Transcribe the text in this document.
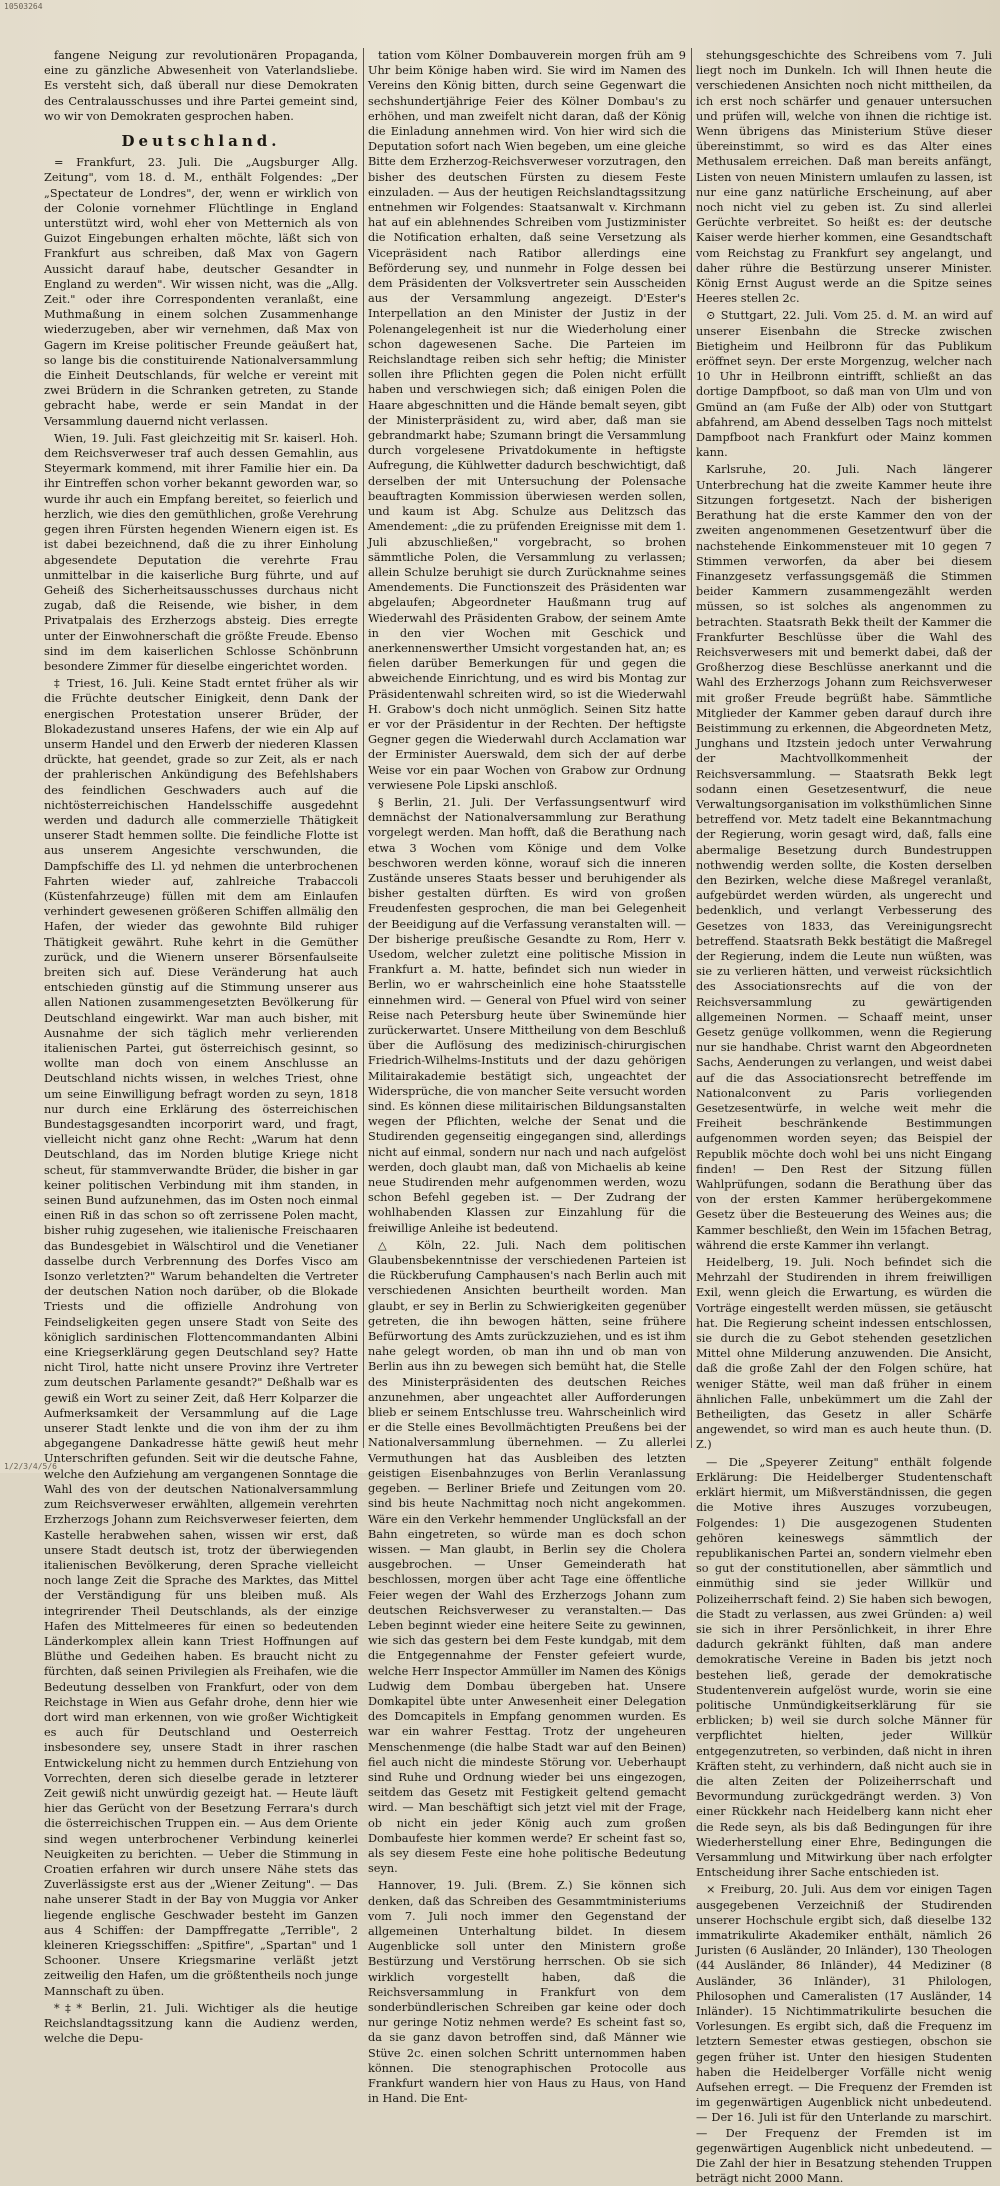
10503264

fangene Neigung zur revolutionären Propaganda, eine zu gänzliche Abwesenheit von Vaterlandsliebe. Es versteht sich, daß überall nur diese Demokraten des Centralausschusses und ihre Partei gemeint sind, wo wir von Demokraten gesprochen haben.

Deutschland.

= Frankfurt, 23. Juli. Die „Augsburger Allg. Zeitung", vom 18. d. M., enthält Folgendes: „Der „Spectateur de Londres", der, wenn er wirklich von der Colonie vornehmer Flüchtlinge in England unterstützt wird, wohl eher von Metternich als von Guizot Eingebungen erhalten möchte, läßt sich von Frankfurt aus schreiben, daß Max von Gagern Aussicht darauf habe, deutscher Gesandter in England zu werden". Wir wissen nicht, was die „Allg. Zeit." oder ihre Correspondenten veranlaßt, eine Muthmaßung in einem solchen Zusammenhange wiederzugeben, aber wir vernehmen, daß Max von Gagern im Kreise politischer Freunde geäußert hat, so lange bis die constituirende Nationalversammlung die Einheit Deutschlands, für welche er vereint mit zwei Brüdern in die Schranken getreten, zu Stande gebracht habe, werde er sein Mandat in der Versammlung dauernd nicht verlassen.

Wien, 19. Juli. Fast gleichzeitig mit Sr. kaiserl. Hoh. dem Reichsverweser traf auch dessen Gemahlin, aus Steyermark kommend, mit ihrer Familie hier ein. Da ihr Eintreffen schon vorher bekannt geworden war, so wurde ihr auch ein Empfang bereitet, so feierlich und herzlich, wie dies den gemüthlichen, große Verehrung gegen ihren Fürsten hegenden Wienern eigen ist. Es ist dabei bezeichnend, daß die zu ihrer Einholung abgesendete Deputation die verehrte Frau unmittelbar in die kaiserliche Burg führte, und auf Geheiß des Sicherheitsausschusses durchaus nicht zugab, daß die Reisende, wie bisher, in dem Privatpalais des Erzherzogs absteig. Dies erregte unter der Einwohnerschaft die größte Freude. Ebenso sind im dem kaiserlichen Schlosse Schönbrunn besondere Zimmer für dieselbe eingerichtet worden.

‡ Triest, 16. Juli. Keine Stadt erntet früher als wir die Früchte deutscher Einigkeit, denn Dank der energischen Protestation unserer Brüder, der Blokadezustand unseres Hafens, der wie ein Alp auf unserm Handel und den Erwerb der niederen Klassen drückte, hat geendet, grade so zur Zeit, als er nach der prahlerischen Ankündigung des Befehlshabers des feindlichen Geschwaders auch auf die nichtösterreichischen Handelsschiffe ausgedehnt werden und dadurch alle commerzielle Thätigkeit unserer Stadt hemmen sollte. Die feindliche Flotte ist aus unserem Angesichte verschwunden, die Dampfschiffe des Ll. yd nehmen die unterbrochenen Fahrten wieder auf, zahlreiche Trabaccoli (Küstenfahrzeuge) füllen mit dem am Einlaufen verhindert gewesenen größeren Schiffen allmälig den Hafen, der wieder das gewohnte Bild ruhiger Thätigkeit gewährt. Ruhe kehrt in die Gemüther zurück, und die Wienern unserer Börsenfaulseite breiten sich auf. Diese Veränderung hat auch entschieden günstig auf die Stimmung unserer aus allen Nationen zusammengesetzten Bevölkerung für Deutschland eingewirkt. War man auch bisher, mit Ausnahme der sich täglich mehr verlierenden italienischen Partei, gut österreichisch gesinnt, so wollte man doch von einem Anschlusse an Deutschland nichts wissen, in welches Triest, ohne um seine Einwilligung befragt worden zu seyn, 1818 nur durch eine Erklärung des österreichischen Bundestagsgesandten incorporirt ward, und fragt, vielleicht nicht ganz ohne Recht: „Warum hat denn Deutschland, das im Norden blutige Kriege nicht scheut, für stammverwandte Brüder, die bisher in gar keiner politischen Verbindung mit ihm standen, in seinen Bund aufzunehmen, das im Osten noch einmal einen Riß in das schon so oft zerrissene Polen macht, bisher ruhig zugesehen, wie italienische Freischaaren das Bundesgebiet in Wälschtirol und die Venetianer dasselbe durch Verbrennung des Dorfes Visco am Isonzo verletzten?" Warum behandelten die Vertreter der deutschen Nation noch darüber, ob die Blokade Triests und die offizielle Androhung von Feindseligkeiten gegen unsere Stadt von Seite des königlich sardinischen Flottencommandanten Albini eine Kriegserklärung gegen Deutschland sey? Hatte nicht Tirol, hatte nicht unsere Provinz ihre Vertreter zum deutschen Parlamente gesandt?" Deßhalb war es gewiß ein Wort zu seiner Zeit, daß Herr Kolparzer die Aufmerksamkeit der Versammlung auf die Lage unserer Stadt lenkte und die von ihm der zu ihm abgegangene Dankadresse hätte gewiß heut mehr Unterschriften gefunden. Seit wir die deutsche Fahne, welche den Aufziehung am vergangenen Sonntage die Wahl des von der deutschen Nationalversammlung zum Reichsverweser erwählten, allgemein verehrten Erzherzogs Johann zum Reichsverweser feierten, dem Kastelle herabwehen sahen, wissen wir erst, daß unsere Stadt deutsch ist, trotz der überwiegenden italienischen Bevölkerung, deren Sprache vielleicht noch lange Zeit die Sprache des Marktes, das Mittel der Verständigung für uns bleiben muß. Als integrirender Theil Deutschlands, als der einzige Hafen des Mittelmeeres für einen so bedeutenden Länderkomplex allein kann Triest Hoffnungen auf Blüthe und Gedeihen haben. Es braucht nicht zu fürchten, daß seinen Privilegien als Freihafen, wie die Bedeutung desselben von Frankfurt, oder von dem Reichstage in Wien aus Gefahr drohe, denn hier wie dort wird man erkennen, von wie großer Wichtigkeit es auch für Deutschland und Oesterreich insbesondere sey, unsere Stadt in ihrer raschen Entwickelung nicht zu hemmen durch Entziehung von Vorrechten, deren sich dieselbe gerade in letzterer Zeit gewiß nicht unwürdig gezeigt hat. — Heute läuft hier das Gerücht von der Besetzung Ferrara's durch die österreichischen Truppen ein. — Aus dem Oriente sind wegen unterbrochener Verbindung keinerlei Neuigkeiten zu berichten. — Ueber die Stimmung in Croatien erfahren wir durch unsere Nähe stets das Zuverlässigste erst aus der „Wiener Zeitung". — Das nahe unserer Stadt in der Bay von Muggia vor Anker liegende englische Geschwader besteht im Ganzen aus 4 Schiffen: der Dampffregatte „Terrible", 2 kleineren Kriegsschiffen: „Spitfire", „Spartan" und 1 Schooner. Unsere Kriegsmarine verläßt jetzt zeitweilig den Hafen, um die größtentheils noch junge Mannschaft zu üben.

*‡* Berlin, 21. Juli. Wichtiger als die heutige Reichslandtagssitzung kann die Audienz werden, welche die Depu-

tation vom Kölner Dombauverein morgen früh am 9 Uhr beim Könige haben wird. Sie wird im Namen des Vereins den König bitten, durch seine Gegenwart die sechshundertjährige Feier des Kölner Dombau's zu erhöhen, und man zweifelt nicht daran, daß der König die Einladung annehmen wird. Von hier wird sich die Deputation sofort nach Wien begeben, um eine gleiche Bitte dem Erzherzog-Reichsverweser vorzutragen, den bisher des deutschen Fürsten zu diesem Feste einzuladen. — Aus der heutigen Reichslandtagssitzung entnehmen wir Folgendes: Staatsanwalt v. Kirchmann hat auf ein ablehnendes Schreiben vom Justizminister die Notification erhalten, daß seine Versetzung als Vicepräsident nach Ratibor allerdings eine Beförderung sey, und nunmehr in Folge dessen bei dem Präsidenten der Volksvertreter sein Ausscheiden aus der Versammlung angezeigt. D'Ester's Interpellation an den Minister der Justiz in der Polenangelegenheit ist nur die Wiederholung einer schon dagewesenen Sache. Die Parteien im Reichslandtage reiben sich sehr heftig; die Minister sollen ihre Pflichten gegen die Polen nicht erfüllt haben und verschwiegen sich; daß einigen Polen die Haare abgeschnitten und die Hände bemalt seyen, gibt der Ministerpräsident zu, wird aber, daß man sie gebrandmarkt habe; Szumann bringt die Versammlung durch vorgelesene Privatdokumente in heftigste Aufregung, die Kühlwetter dadurch beschwichtigt, daß derselben der mit Untersuchung der Polensache beauftragten Kommission überwiesen werden sollen, und kaum ist Abg. Schulze aus Delitzsch das Amendement: „die zu prüfenden Ereignisse mit dem 1. Juli abzuschließen," vorgebracht, so brohen sämmtliche Polen, die Versammlung zu verlassen; allein Schulze beruhigt sie durch Zurücknahme seines Amendements. Die Functionszeit des Präsidenten war abgelaufen; Abgeordneter Haußmann trug auf Wiederwahl des Präsidenten Grabow, der seinem Amte in den vier Wochen mit Geschick und anerkennenswerther Umsicht vorgestanden hat, an; es fielen darüber Bemerkungen für und gegen die abweichende Einrichtung, und es wird bis Montag zur Präsidentenwahl schreiten wird, so ist die Wiederwahl H. Grabow's doch nicht unmöglich. Seinen Sitz hatte er vor der Präsidentur in der Rechten. Der heftigste Gegner gegen die Wiederwahl durch Acclamation war der Erminister Auerswald, dem sich der auf derbe Weise vor ein paar Wochen von Grabow zur Ordnung verwiesene Pole Lipski anschloß.

§ Berlin, 21. Juli. Der Verfassungsentwurf wird demnächst der Nationalversammlung zur Berathung vorgelegt werden. Man hofft, daß die Berathung nach etwa 3 Wochen vom Könige und dem Volke beschworen werden könne, worauf sich die inneren Zustände unseres Staats besser und beruhigender als bisher gestalten dürften. Es wird von großen Freudenfesten gesprochen, die man bei Gelegenheit der Beeidigung auf die Verfassung veranstalten will. — Der bisherige preußische Gesandte zu Rom, Herr v. Usedom, welcher zuletzt eine politische Mission in Frankfurt a. M. hatte, befindet sich nun wieder in Berlin, wo er wahrscheinlich eine hohe Staatsstelle einnehmen wird. — General von Pfuel wird von seiner Reise nach Petersburg heute über Swinemünde hier zurückerwartet. Unsere Mittheilung von dem Beschluß über die Auflösung des medizinisch-chirurgischen Friedrich-Wilhelms-Instituts und der dazu gehörigen Militairakademie bestätigt sich, ungeachtet der Widersprüche, die von mancher Seite versucht worden sind. Es können diese militairischen Bildungsanstalten wegen der Pflichten, welche der Senat und die Studirenden gegenseitig eingegangen sind, allerdings nicht auf einmal, sondern nur nach und nach aufgelöst werden, doch glaubt man, daß von Michaelis ab keine neue Studirenden mehr aufgenommen werden, wozu schon Befehl gegeben ist. — Der Zudrang der wohlhabenden Klassen zur Einzahlung für die freiwillige Anleihe ist bedeutend.

△ Köln, 22. Juli. Nach dem politischen Glaubensbekenntnisse der verschiedenen Parteien ist die Rückberufung Camphausen's nach Berlin auch mit verschiedenen Ansichten beurtheilt worden. Man glaubt, er sey in Berlin zu Schwierigkeiten gegenüber getreten, die ihn bewogen hätten, seine frühere Befürwortung des Amts zurückzuziehen, und es ist ihm nahe gelegt worden, ob man ihn und ob man von Berlin aus ihn zu bewegen sich bemüht hat, die Stelle des Ministerpräsidenten des deutschen Reiches anzunehmen, aber ungeachtet aller Aufforderungen blieb er seinem Entschlusse treu. Wahrscheinlich wird er die Stelle eines Bevollmächtigten Preußens bei der Nationalversammlung übernehmen. — Zu allerlei Vermuthungen hat das Ausbleiben des letzten geistigen Eisenbahnzuges von Berlin Veranlassung gegeben. — Berliner Briefe und Zeitungen vom 20. sind bis heute Nachmittag noch nicht angekommen. Wäre ein den Verkehr hemmender Unglücksfall an der Bahn eingetreten, so würde man es doch schon wissen. — Man glaubt, in Berlin sey die Cholera ausgebrochen. — Unser Gemeinderath hat beschlossen, morgen über acht Tage eine öffentliche Feier wegen der Wahl des Erzherzogs Johann zum deutschen Reichsverweser zu veranstalten.— Das Leben beginnt wieder eine heitere Seite zu gewinnen, wie sich das gestern bei dem Feste kundgab, mit dem die Entgegennahme der Fenster gefeiert wurde, welche Herr Inspector Ammüller im Namen des Königs Ludwig dem Dombau übergeben hat. Unsere Domkapitel übte unter Anwesenheit einer Delegation des Domcapitels in Empfang genommen wurden. Es war ein wahrer Festtag. Trotz der ungeheuren Menschenmenge (die halbe Stadt war auf den Beinen) fiel auch nicht die mindeste Störung vor. Ueberhaupt sind Ruhe und Ordnung wieder bei uns eingezogen, seitdem das Gesetz mit Festigkeit geltend gemacht wird. — Man beschäftigt sich jetzt viel mit der Frage, ob nicht ein jeder König auch zum großen Dombaufeste hier kommen werde? Er scheint fast so, als sey diesem Feste eine hohe politische Bedeutung seyn.

Hannover, 19. Juli. (Brem. Z.) Sie können sich denken, daß das Schreiben des Gesammtministeriums vom 7. Juli noch immer den Gegenstand der allgemeinen Unterhaltung bildet. In diesem Augenblicke soll unter den Ministern große Bestürzung und Verstörung herrschen. Ob sie sich wirklich vorgestellt haben, daß die Reichsversammlung in Frankfurt von dem sonderbündlerischen Schreiben gar keine oder doch nur geringe Notiz nehmen werde? Es scheint fast so, da sie ganz davon betroffen sind, daß Männer wie Stüve 2c. einen solchen Schritt unternommen haben können. Die stenographischen Protocolle aus Frankfurt wandern hier von Haus zu Haus, von Hand in Hand. Die Ent-

stehungsgeschichte des Schreibens vom 7. Juli liegt noch im Dunkeln. Ich will Ihnen heute die verschiedenen Ansichten noch nicht mittheilen, da ich erst noch schärfer und genauer untersuchen und prüfen will, welche von ihnen die richtige ist. Wenn übrigens das Ministerium Stüve dieser übereinstimmt, so wird es das Alter eines Methusalem erreichen. Daß man bereits anfängt, Listen von neuen Ministern umlaufen zu lassen, ist nur eine ganz natürliche Erscheinung, auf aber noch nicht viel zu geben ist. Zu sind allerlei Gerüchte verbreitet. So heißt es: der deutsche Kaiser werde hierher kommen, eine Gesandtschaft vom Reichstag zu Frankfurt sey angelangt, und daher rühre die Bestürzung unserer Minister. König Ernst August werde an die Spitze seines Heeres stellen 2c.

⊙ Stuttgart, 22. Juli. Vom 25. d. M. an wird auf unserer Eisenbahn die Strecke zwischen Bietigheim und Heilbronn für das Publikum eröffnet seyn. Der erste Morgenzug, welcher nach 10 Uhr in Heilbronn eintrifft, schließt an das dortige Dampfboot, so daß man von Ulm und von Gmünd an (am Fuße der Alb) oder von Stuttgart abfahrend, am Abend desselben Tags noch mittelst Dampfboot nach Frankfurt oder Mainz kommen kann.

Karlsruhe, 20. Juli. Nach längerer Unterbrechung hat die zweite Kammer heute ihre Sitzungen fortgesetzt. Nach der bisherigen Berathung hat die erste Kammer den von der zweiten angenommenen Gesetzentwurf über die nachstehende Einkommensteuer mit 10 gegen 7 Stimmen verworfen, da aber bei diesem Finanzgesetz verfassungsgemäß die Stimmen beider Kammern zusammengezählt werden müssen, so ist solches als angenommen zu betrachten. Staatsrath Bekk theilt der Kammer die Frankfurter Beschlüsse über die Wahl des Reichsverwesers mit und bemerkt dabei, daß der Großherzog diese Beschlüsse anerkannt und die Wahl des Erzherzogs Johann zum Reichsverweser mit großer Freude begrüßt habe. Sämmtliche Mitglieder der Kammer geben darauf durch ihre Beistimmung zu erkennen, die Abgeordneten Metz, Junghans und Itzstein jedoch unter Verwahrung der Machtvollkommenheit der Reichsversammlung. — Staatsrath Bekk legt sodann einen Gesetzesentwurf, die neue Verwaltungsorganisation im volksthümlichen Sinne betreffend vor. Metz tadelt eine Bekanntmachung der Regierung, worin gesagt wird, daß, falls eine abermalige Besetzung durch Bundestruppen nothwendig werden sollte, die Kosten derselben den Bezirken, welche diese Maßregel veranlaßt, aufgebürdet werden würden, als ungerecht und bedenklich, und verlangt Verbesserung des Gesetzes von 1833, das Vereinigungsrecht betreffend. Staatsrath Bekk bestätigt die Maßregel der Regierung, indem die Leute nun wüßten, was sie zu verlieren hätten, und verweist rücksichtlich des Associationsrechts auf die von der Reichsversammlung zu gewärtigenden allgemeinen Normen. — Schaaff meint, unser Gesetz genüge vollkommen, wenn die Regierung nur sie handhabe. Christ warnt den Abgeordneten Sachs, Aenderungen zu verlangen, und weist dabei auf die das Associationsrecht betreffende im Nationalconvent zu Paris vorliegenden Gesetzesentwürfe, in welche weit mehr die Freiheit beschränkende Bestimmungen aufgenommen worden seyen; das Beispiel der Republik möchte doch wohl bei uns nicht Eingang finden! — Den Rest der Sitzung füllen Wahlprüfungen, sodann die Berathung über das von der ersten Kammer herübergekommene Gesetz über die Besteuerung des Weines aus; die Kammer beschließt, den Wein im 15fachen Betrag, während die erste Kammer ihn verlangt.

Heidelberg, 19. Juli. Noch befindet sich die Mehrzahl der Studirenden in ihrem freiwilligen Exil, wenn gleich die Erwartung, es würden die Vorträge eingestellt werden müssen, sie getäuscht hat. Die Regierung scheint indessen entschlossen, sie durch die zu Gebot stehenden gesetzlichen Mittel ohne Milderung anzuwenden. Die Ansicht, daß die große Zahl der den Folgen schüre, hat weniger Stätte, weil man daß früher in einem ähnlichen Falle, unbekümmert um die Zahl der Betheiligten, das Gesetz in aller Schärfe angewendet, so wird man es auch heute thun. (D. Z.)

— Die „Speyerer Zeitung" enthält folgende Erklärung: Die Heidelberger Studentenschaft erklärt hiermit, um Mißverständnissen, die gegen die Motive ihres Auszuges vorzubeugen, Folgendes: 1) Die ausgezogenen Studenten gehören keineswegs sämmtlich der republikanischen Partei an, sondern vielmehr eben so gut der constitutionellen, aber sämmtlich und einmüthig sind sie jeder Willkür und Polizeiherrschaft feind. 2) Sie haben sich bewogen, die Stadt zu verlassen, aus zwei Gründen: a) weil sie sich in ihrer Persönlichkeit, in ihrer Ehre dadurch gekränkt fühlten, daß man andere demokratische Vereine in Baden bis jetzt noch bestehen ließ, gerade der demokratische Studentenverein aufgelöst wurde, worin sie eine politische Unmündigkeitserklärung für sie erblicken; b) weil sie durch solche Männer für verpflichtet hielten, jeder Willkür entgegenzutreten, so verbinden, daß nicht in ihren Kräften steht, zu verhindern, daß nicht auch sie in die alten Zeiten der Polizeiherrschaft und Bevormundung zurückgedrängt werden. 3) Von einer Rückkehr nach Heidelberg kann nicht eher die Rede seyn, als bis daß Bedingungen für ihre Wiederherstellung einer Ehre, Bedingungen die Versammlung und Mitwirkung über nach erfolgter Entscheidung ihrer Sache entschieden ist.

× Freiburg, 20. Juli. Aus dem vor einigen Tagen ausgegebenen Verzeichniß der Studirenden unserer Hochschule ergibt sich, daß dieselbe 132 immatrikulirte Akademiker enthält, nämlich 26 Juristen (6 Ausländer, 20 Inländer), 130 Theologen (44 Ausländer, 86 Inländer), 44 Mediziner (8 Ausländer, 36 Inländer), 31 Philologen, Philosophen und Cameralisten (17 Ausländer, 14 Inländer). 15 Nichtimmatrikulirte besuchen die Vorlesungen. Es ergibt sich, daß die Frequenz im letztern Semester etwas gestiegen, obschon sie gegen früher ist. Unter den hiesigen Studenten haben die Heidelberger Vorfälle nicht wenig Aufsehen erregt. — Die Frequenz der Fremden ist im gegenwärtigen Augenblick nicht unbedeutend. — Der 16. Juli ist für den Unterlande zu marschirt. — Der Frequenz der Fremden ist im gegenwärtigen Augenblick nicht unbedeutend. — Die Zahl der hier in Besatzung stehenden Truppen beträgt nicht 2000 Mann.

1/2/3/4/5/6
